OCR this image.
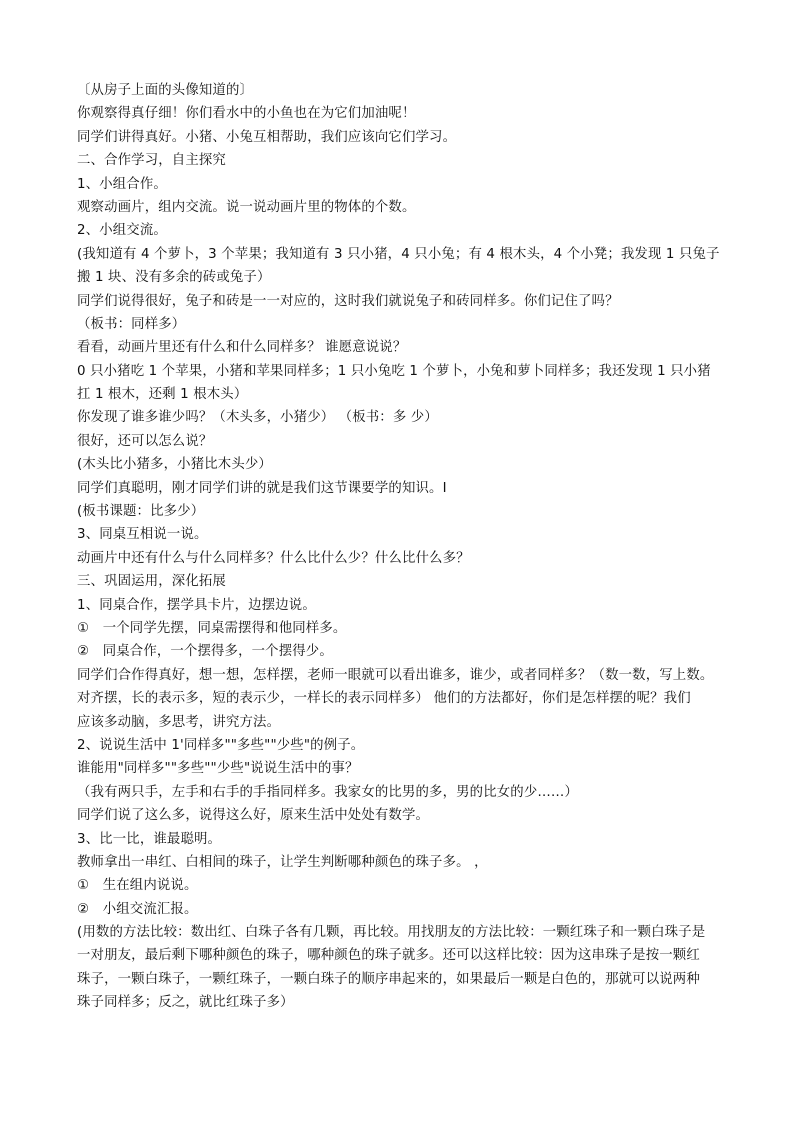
〔从房子上面的头像知道的〕
你观察得真仔细！你们看水中的小鱼也在为它们加油呢！
同学们讲得真好。小猪、小兔互相帮助，我们应该向它们学习。
二、合作学习，自主探究
1、小组合作。
观察动画片，组内交流。说一说动画片里的物体的个数。
2、小组交流。
(我知道有 4 个萝卜，3 个苹果；我知道有 3 只小猪，4 只小兔；有 4 根木头，4 个小凳；我发现 1 只兔子
搬 1 块、没有多余的砖或兔子）
同学们说得很好，兔子和砖是一一对应的，这时我们就说兔子和砖同样多。你们记住了吗？
（板书：同样多）
看看，动画片里还有什么和什么同样多？ 谁愿意说说？
0 只小猪吃 1 个苹果，小猪和苹果同样多；1 只小兔吃 1 个萝卜，小兔和萝卜同样多；我还发现 1 只小猪
扛 1 根木，还剩 1 根木头）
你发现了谁多谁少吗？（木头多，小猪少） （板书：多 少）
很好，还可以怎么说？
(木头比小猪多，小猪比木头少）
同学们真聪明，刚才同学们讲的就是我们这节课要学的知识。I
(板书课题：比多少）
3、同桌互相说一说。
动画片中还有什么与什么同样多？什么比什么少？什么比什么多？
三、巩固运用，深化拓展
1、同桌合作，摆学具卡片，边摆边说。
①　一个同学先摆，同桌需摆得和他同样多。
②　同桌合作，一个摆得多，一个摆得少。
同学们合作得真好，想一想，怎样摆，老师一眼就可以看出谁多，谁少，或者同样多？（数一数，写上数。
对齐摆，长的表示多，短的表示少，一样长的表示同样多） 他们的方法都好，你们是怎样摆的呢？我们
应该多动脑，多思考，讲究方法。
2、说说生活中 1'同样多""多些""少些"的例子。
谁能用"同样多""多些""少些"说说生活中的事？
（我有两只手，左手和右手的手指同样多。我家女的比男的多，男的比女的少……）
同学们说了这么多，说得这么好，原来生活中处处有数学。
3、比一比，谁最聪明。
教师拿出一串红、白相间的珠子，让学生判断哪种颜色的珠子多。 ，
①　生在组内说说。
②　小组交流汇报。
(用数的方法比较：数出红、白珠子各有几颗，再比较。用找朋友的方法比较：一颗红珠子和一颗白珠子是
一对朋友，最后剩下哪种颜色的珠子，哪种颜色的珠子就多。还可以这样比较：因为这串珠子是按一颗红
珠子，一颗白珠子，一颗红珠子，一颗白珠子的顺序串起来的，如果最后一颗是白色的，那就可以说两种
珠子同样多；反之，就比红珠子多）
